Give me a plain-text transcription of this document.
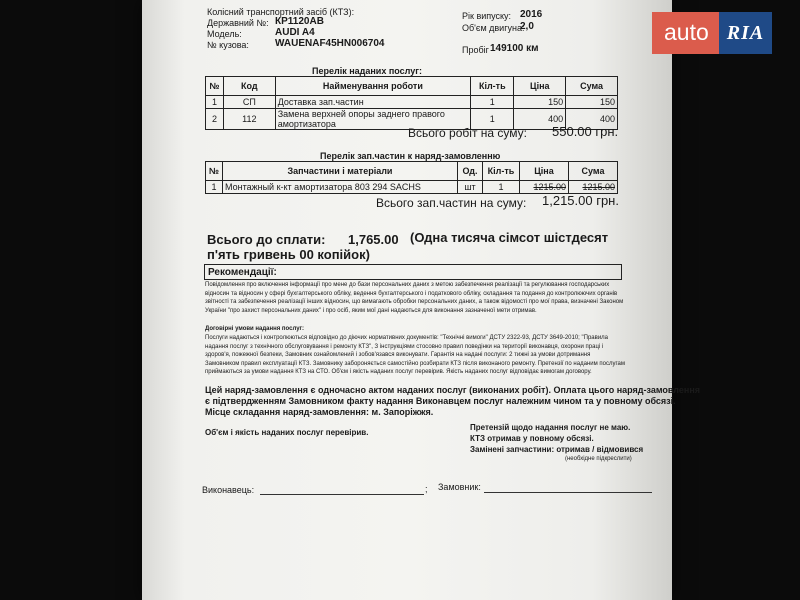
Колісний транспортний засіб (КТЗ):
Державний №: КР1120АВ
Модель:	AUDI A4
№ кузова:	WAUENAF45HN006704
Рік випуску: 2016
Об'єм двигуна:
2,0
Пробіг 149100 км
Перелік наданих послуг:
№	Код	Найменування роботи	Кіл-ть	Ціна	Сума
1	СП	Доставка зап.частин	1	150	150
2	112	Замена верхней опоры заднего правого амортизатора	1	400	400
Всього робіт на суму: 550.00 грн.
Перелік зап.частин к наряд-замовленню
№	Запчастини і матеріали	Од.	Кіл-ть	Ціна	Сума
1	Монтажный к-кт амортизатора 803 294 SACHS	шт	1	1215.00	1215.00
Всього зап.частин на суму: 1,215.00 грн.
Всього до сплати: 1,765.00 (Одна тисяча сімсот шістдесят
п'ять гривень 00 копійок)
Рекомендації:
Повідомлення про включення інформації про мене до бази персональних даних з метою забезпечення реалізації та регулювання господарських відносин та відносин у сфері бухгалтерського обліку, ведення бухгалтерського і податкового обліку, складання та подання до контролюючих органів звітності та забезпечення реалізації інших відносин, що вимагають обробки персональних даних, а також відомості про мої права, визначені Законом України "про захист персональних даних" і про осіб, яким мої дані надаються для виконання зазначеної мети отримав.
Договірні умови надання послуг:
Послуги надаються і контролюються відповідно до діючих нормативних документів: "Технічні вимоги" ДСТУ 2322-93, ДСТУ 3649-2010; "Правила надання послуг з технічного обслуговування і ремонту КТЗ", З інструкціями стосовно правил поведінки на території виконавця, охорони праці і здоров'я, пожежної безпеки, Замовник ознайомлений і зобов'язався виконувати. Гарантія на надані послуги: 2 тижні за умови дотримання Замовником правил експлуатації КТЗ. Замовнику забороняється самостійно розбирати КТЗ після виконаного ремонту. Претензії по наданим послугам приймаються за умови надання КТЗ на СТО. Об'єм і якість наданих послуг перевірив. Якість наданих послуг відповідає вимогам договору.
Цей наряд-замовлення є одночасно актом наданих послуг (виконаних робіт). Оплата цього наряд-замовлення
є підтвердженням Замовником факту надання Виконавцем послуг належним чином та у повному обсязі.
Місце складання наряд-замовлення: м. Запоріжжя.
Об'єм і якість наданих послуг перевірив.
Претензій щодо надання послуг не маю.
КТЗ отримав у повному обсязі.
Замінені запчастини: отримав / відмовився
(необхідне підкреслити)
Виконавець:	; Замовник:
auto RIA
